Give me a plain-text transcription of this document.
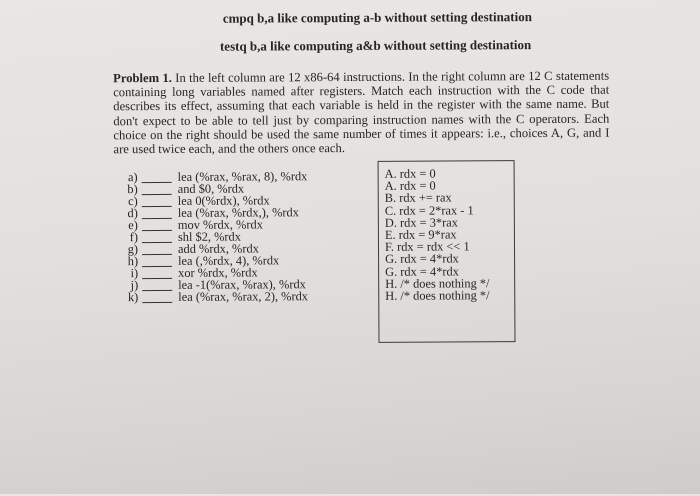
cmpq b,a like computing a-b without setting destination
testq b,a like computing a&b without setting destination
Problem 1. In the left column are 12 x86-64 instructions. In the right column are 12 C statements containing long variables named after registers. Match each instruction with the C code that describes its effect, assuming that each variable is held in the register with the same name. But don't expect to be able to tell just by comparing instruction names with the C operators. Each choice on the right should be used the same number of times it appears: i.e., choices A, G, and I are used twice each, and the others once each.
a)	lea (%rax, %rax, 8), %rdx
b)	and $0, %rdx
c)	lea 0(%rdx), %rdx
d)	lea (%rax, %rdx,), %rdx
e)	mov %rdx, %rdx
f)	shl $2, %rdx
g)	add %rdx, %rdx
h)	lea (,%rdx, 4), %rdx
i)	xor %rdx, %rdx
j)	lea -1(%rax, %rax), %rdx
k)	lea (%rax, %rax, 2), %rdx
A. rdx = 0
A. rdx = 0
B. rdx += rax
C. rdx = 2*rax - 1
D. rdx = 3*rax
E. rdx = 9*rax
F. rdx = rdx << 1
G. rdx = 4*rdx
G. rdx = 4*rdx
H. /* does nothing */
H. /* does nothing */
